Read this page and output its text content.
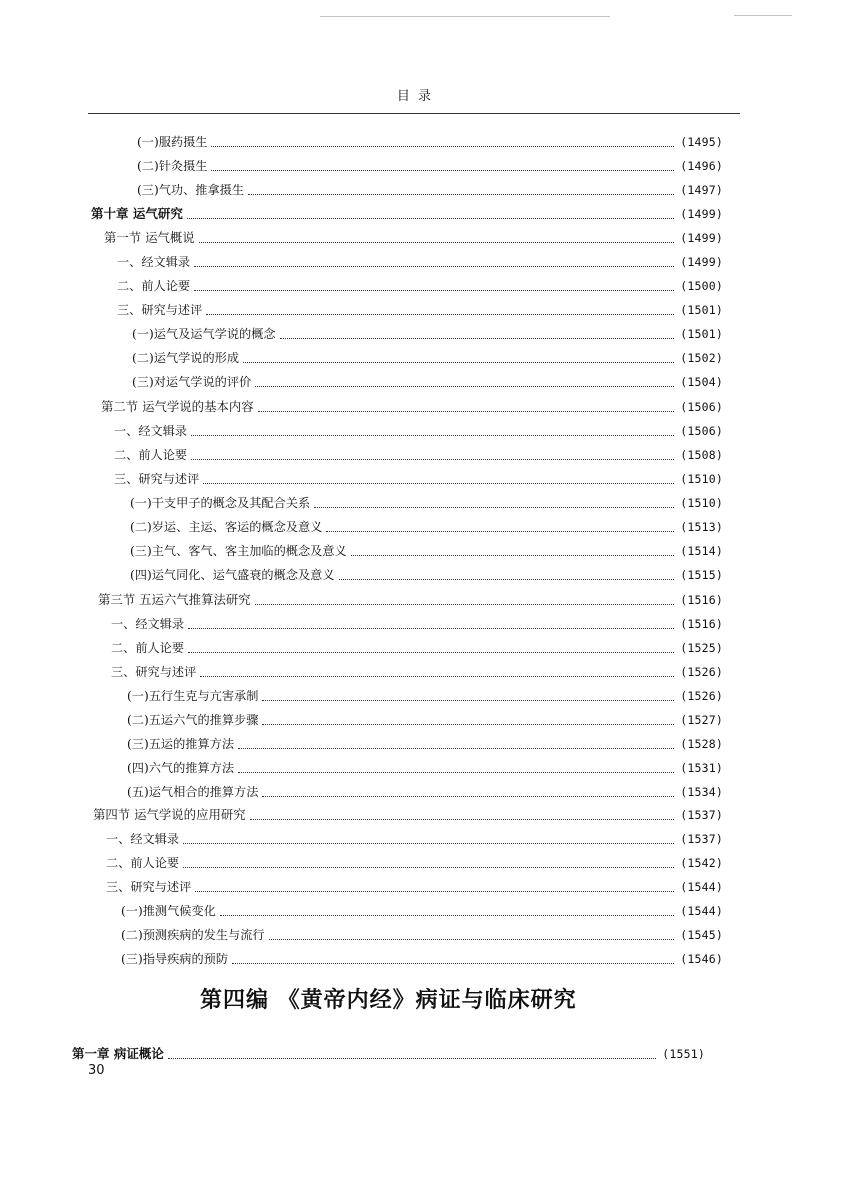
目 录
(一)服药摄生	(1495)
(二)针灸摄生	(1496)
(三)气功、推拿摄生	(1497)
第十章 运气研究	(1499)
第一节 运气概说	(1499)
一、经文辑录	(1499)
二、前人论要	(1500)
三、研究与述评	(1501)
(一)运气及运气学说的概念	(1501)
(二)运气学说的形成	(1502)
(三)对运气学说的评价	(1504)
第二节 运气学说的基本内容	(1506)
一、经文辑录	(1506)
二、前人论要	(1508)
三、研究与述评	(1510)
(一)干支甲子的概念及其配合关系	(1510)
(二)岁运、主运、客运的概念及意义	(1513)
(三)主气、客气、客主加临的概念及意义	(1514)
(四)运气同化、运气盛衰的概念及意义	(1515)
第三节 五运六气推算法研究	(1516)
一、经文辑录	(1516)
二、前人论要	(1525)
三、研究与述评	(1526)
(一)五行生克与亢害承制	(1526)
(二)五运六气的推算步骤	(1527)
(三)五运的推算方法	(1528)
(四)六气的推算方法	(1531)
(五)运气相合的推算方法	(1534)
第四节 运气学说的应用研究	(1537)
一、经文辑录	(1537)
二、前人论要	(1542)
三、研究与述评	(1544)
(一)推测气候变化	(1544)
(二)预测疾病的发生与流行	(1545)
(三)指导疾病的预防	(1546)
第四编 《黄帝内经》病证与临床研究
第一章 病证概论	(1551)
30
